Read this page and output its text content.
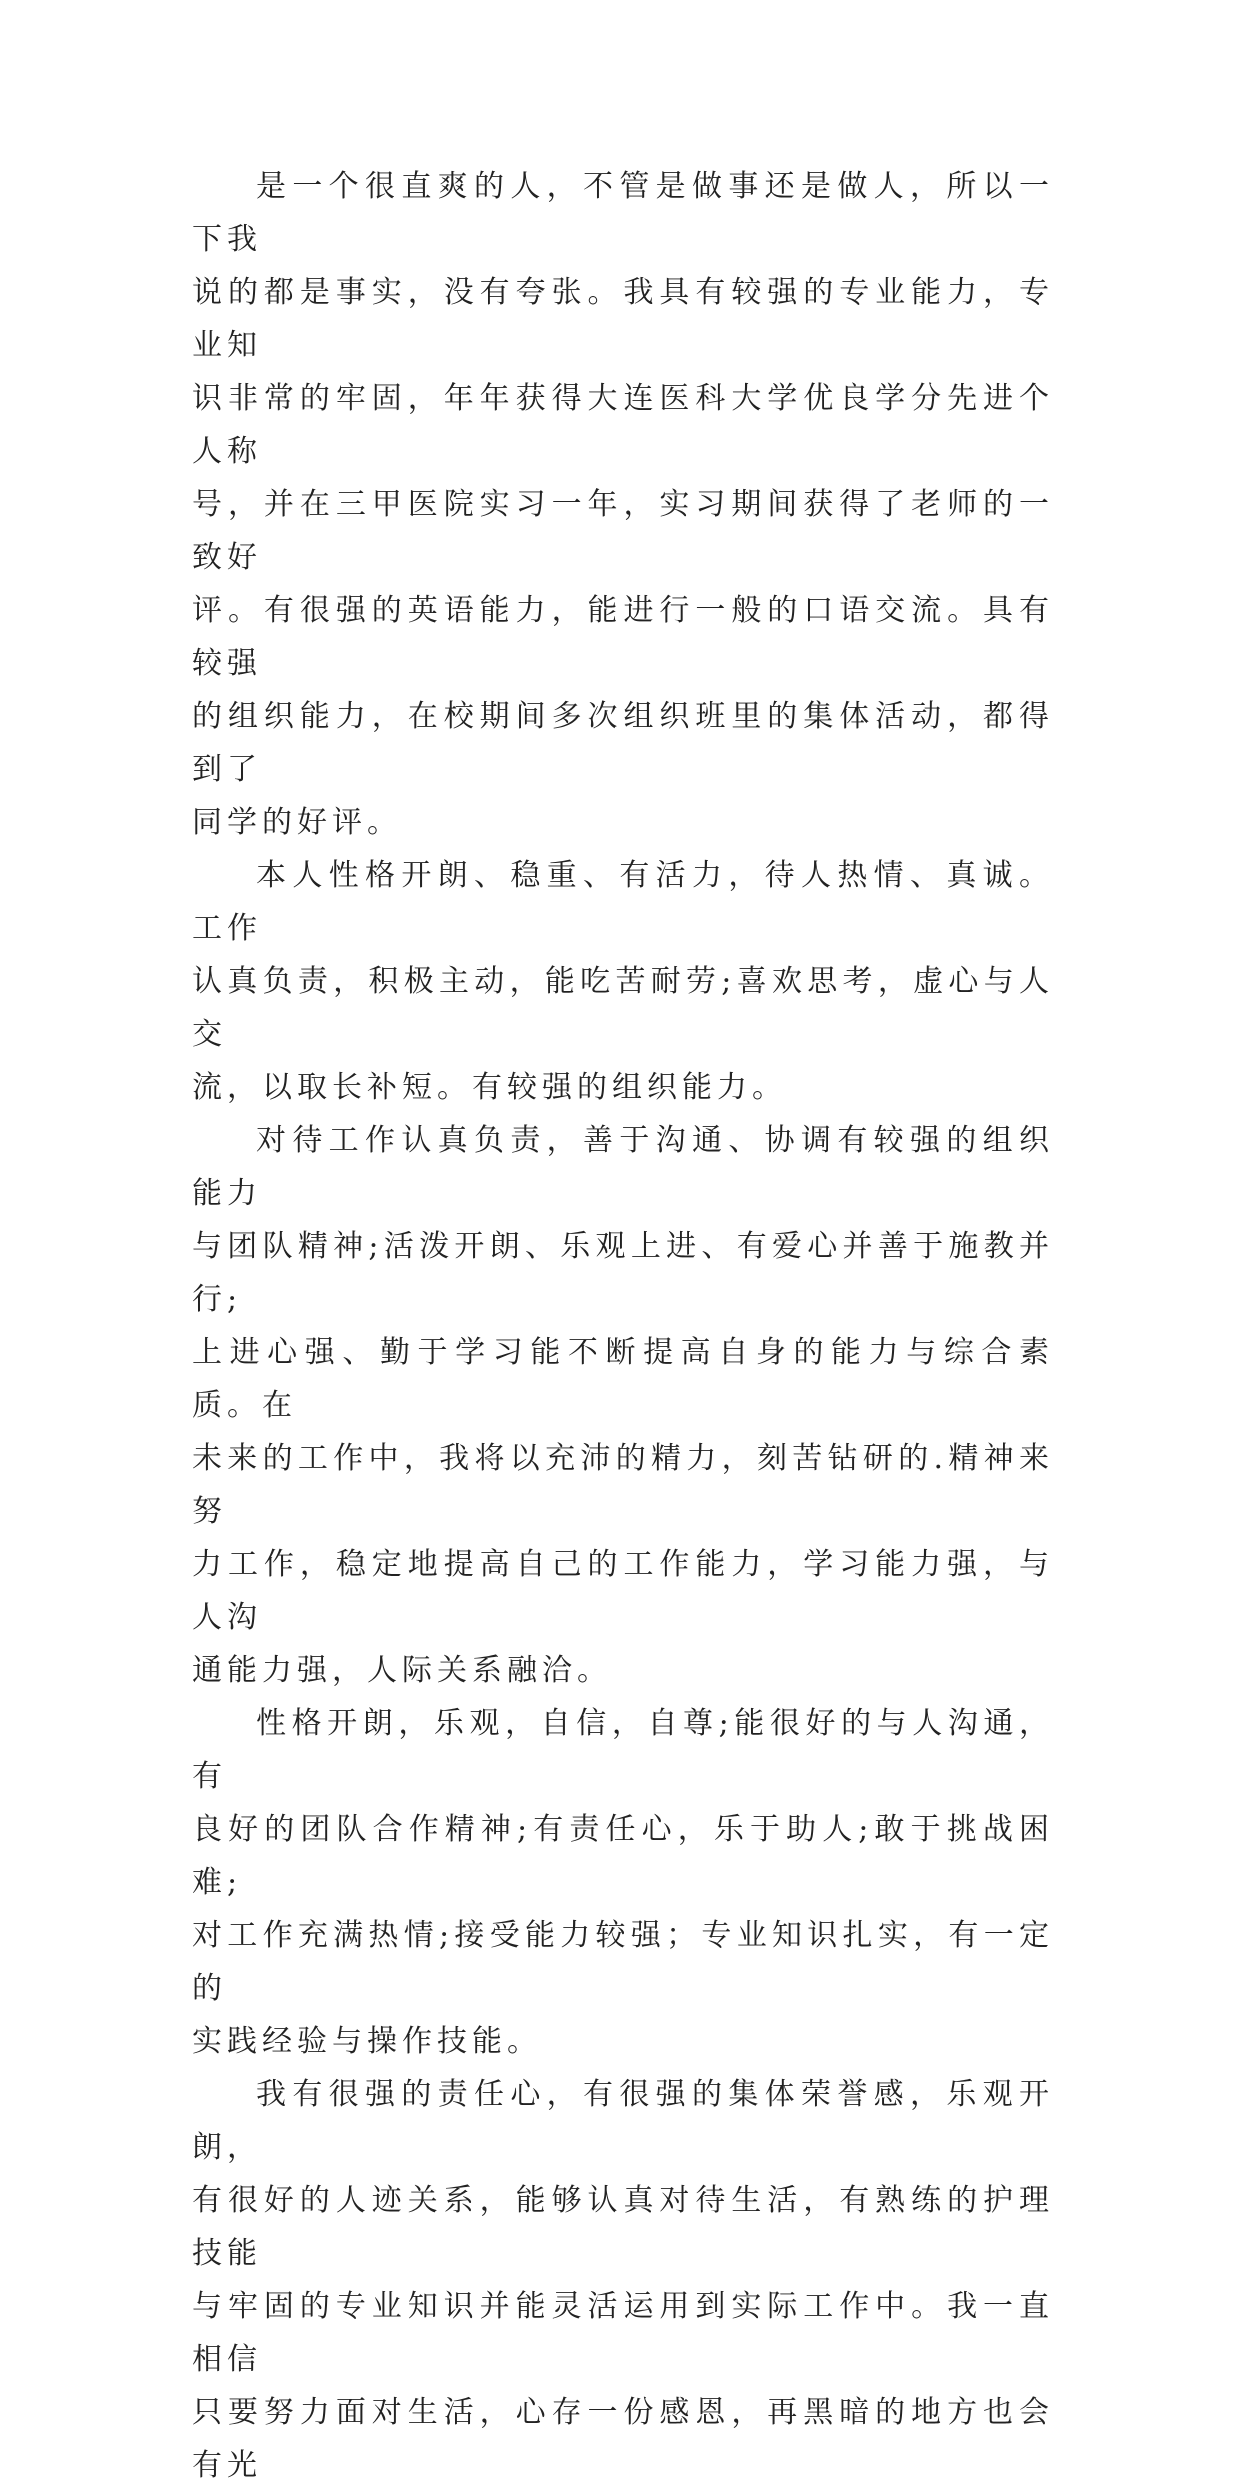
是一个很直爽的人，不管是做事还是做人，所以一下我
说的都是事实，没有夸张。我具有较强的专业能力，专业知
识非常的牢固，年年获得大连医科大学优良学分先进个人称
号，并在三甲医院实习一年，实习期间获得了老师的一致好
评。有很强的英语能力，能进行一般的口语交流。具有较强
的组织能力，在校期间多次组织班里的集体活动，都得到了
同学的好评。
本人性格开朗、稳重、有活力，待人热情、真诚。工作
认真负责，积极主动，能吃苦耐劳;喜欢思考，虚心与人交
流，以取长补短。有较强的组织能力。
对待工作认真负责，善于沟通、协调有较强的组织能力
与团队精神;活泼开朗、乐观上进、有爱心并善于施教并行;
上进心强、勤于学习能不断提高自身的能力与综合素质。在
未来的工作中，我将以充沛的精力，刻苦钻研的.精神来努
力工作，稳定地提高自己的工作能力，学习能力强，与人沟
通能力强，人际关系融洽。
性格开朗，乐观，自信，自尊;能很好的与人沟通，有
良好的团队合作精神;有责任心，乐于助人;敢于挑战困难;
对工作充满热情;接受能力较强；专业知识扎实，有一定的
实践经验与操作技能。
我有很强的责任心，有很强的集体荣誉感，乐观开朗，
有很好的人迹关系，能够认真对待生活，有熟练的护理技能
与牢固的专业知识并能灵活运用到实际工作中。我一直相信
只要努力面对生活，心存一份感恩，再黑暗的地方也会有光
